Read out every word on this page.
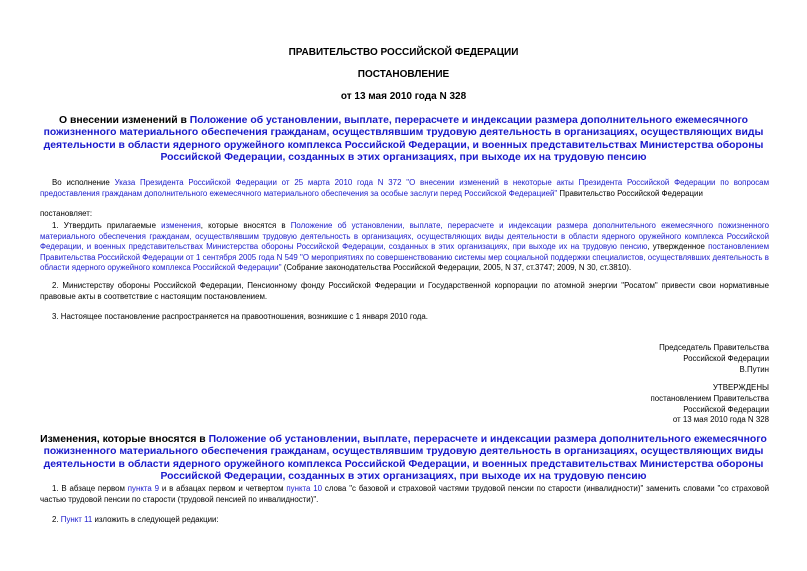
ПРАВИТЕЛЬСТВО РОССИЙСКОЙ ФЕДЕРАЦИИ
ПОСТАНОВЛЕНИЕ
от 13 мая 2010 года N 328
О внесении изменений в Положение об установлении, выплате, перерасчете и индексации размера дополнительного ежемесячного пожизненного материального обеспечения гражданам, осуществлявшим трудовую деятельность в организациях, осуществляющих виды деятельности в области ядерного оружейного комплекса Российской Федерации, и военных представительствах Министерства обороны Российской Федерации, созданных в этих организациях, при выходе их на трудовую пенсию
Во исполнение Указа Президента Российской Федерации от 25 марта 2010 года N 372 "О внесении изменений в некоторые акты Президента Российской Федерации по вопросам предоставления гражданам дополнительного ежемесячного материального обеспечения за особые заслуги перед Российской Федерацией" Правительство Российской Федерации
постановляет:
1. Утвердить прилагаемые изменения, которые вносятся в Положение об установлении, выплате, перерасчете и индексации размера дополнительного ежемесячного пожизненного материального обеспечения гражданам, осуществлявшим трудовую деятельность в организациях, осуществляющих виды деятельности в области ядерного оружейного комплекса Российской Федерации, и военных представительствах Министерства обороны Российской Федерации, созданных в этих организациях, при выходе их на трудовую пенсию, утвержденное постановлением Правительства Российской Федерации от 1 сентября 2005 года N 549 "О мероприятиях по совершенствованию системы мер социальной поддержки специалистов, осуществлявших деятельность в области ядерного оружейного комплекса Российской Федерации" (Собрание законодательства Российской Федерации, 2005, N 37, ст.3747; 2009, N 30, ст.3810).
2. Министерству обороны Российской Федерации, Пенсионному фонду Российской Федерации и Государственной корпорации по атомной энергии "Росатом" привести свои нормативные правовые акты в соответствие с настоящим постановлением.
3. Настоящее постановление распространяется на правоотношения, возникшие с 1 января 2010 года.
Председатель Правительства
Российской Федерации
В.Путин
УТВЕРЖДЕНЫ
постановлением Правительства
Российской Федерации
от 13 мая 2010 года N 328
Изменения, которые вносятся в Положение об установлении, выплате, перерасчете и индексации размера дополнительного ежемесячного пожизненного материального обеспечения гражданам, осуществлявшим трудовую деятельность в организациях, осуществляющих виды деятельности в области ядерного оружейного комплекса Российской Федерации, и военных представительствах Министерства обороны Российской Федерации, созданных в этих организациях, при выходе их на трудовую пенсию
1. В абзаце первом пункта 9 и в абзацах первом и четвертом пункта 10 слова "с базовой и страховой частями трудовой пенсии по старости (инвалидности)" заменить словами "со страховой частью трудовой пенсии по старости (трудовой пенсией по инвалидности)".
2. Пункт 11 изложить в следующей редакции:
